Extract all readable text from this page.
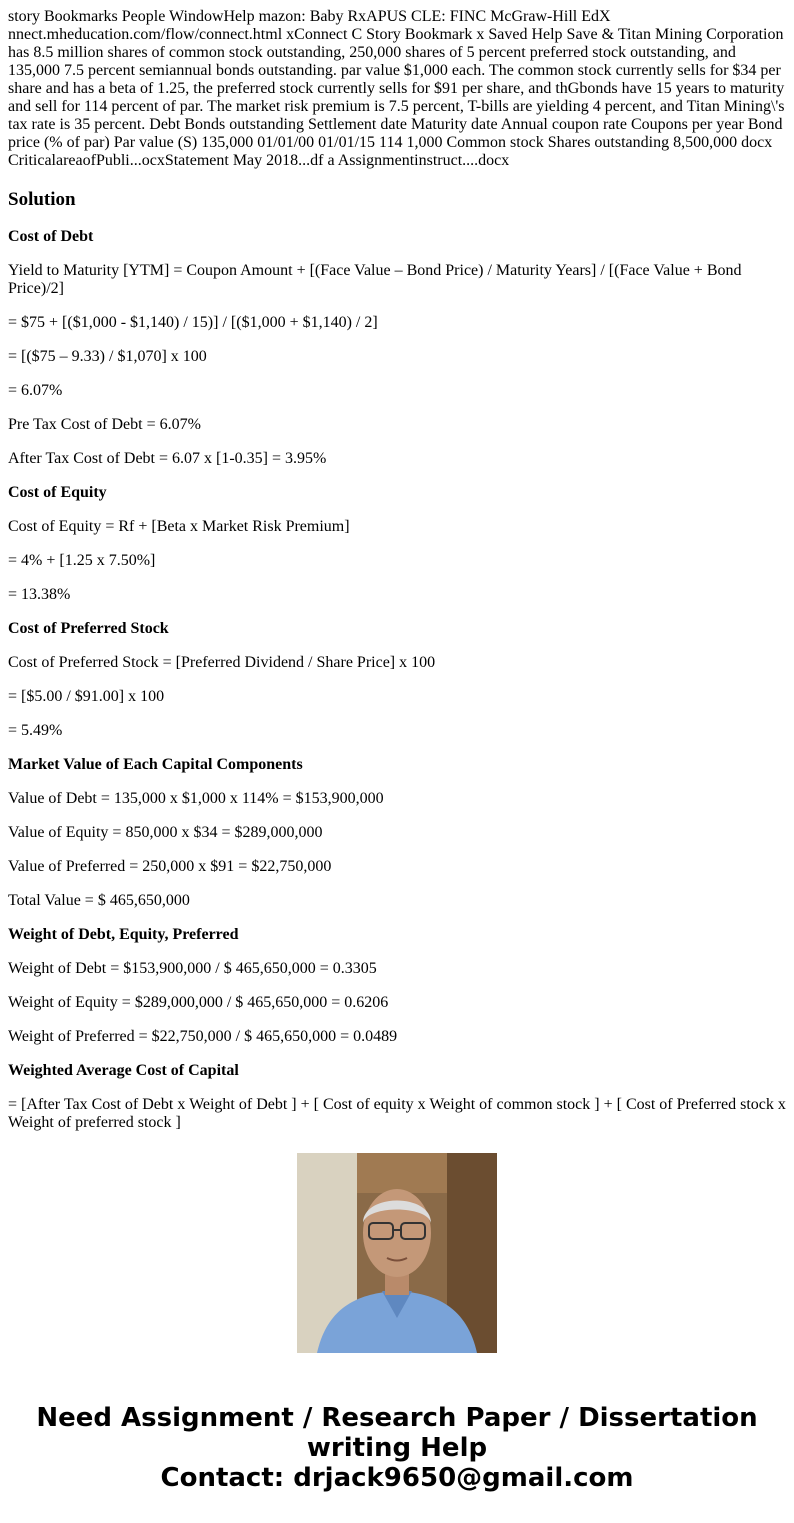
story Bookmarks People WindowHelp mazon: Baby RxAPUS CLE: FINC McGraw-Hill EdX nnect.mheducation.com/flow/connect.html xConnect C Story Bookmark x Saved Help Save & Titan Mining Corporation has 8.5 million shares of common stock outstanding, 250,000 shares of 5 percent preferred stock outstanding, and 135,000 7.5 percent semiannual bonds outstanding. par value $1,000 each. The common stock currently sells for $34 per share and has a beta of 1.25, the preferred stock currently sells for $91 per share, and thGbonds have 15 years to maturity and sell for 114 percent of par. The market risk premium is 7.5 percent, T-bills are yielding 4 percent, and Titan Mining\'s tax rate is 35 percent. Debt Bonds outstanding Settlement date Maturity date Annual coupon rate Coupons per year Bond price (% of par) Par value (S) 135,000 01/01/00 01/01/15 114 1,000 Common stock Shares outstanding 8,500,000 docx CriticalareaofPubli...ocxStatement May 2018...df a Assignmentinstruct....docx

Solution

Cost of Debt

Yield to Maturity [YTM] = Coupon Amount + [(Face Value – Bond Price) / Maturity Years] / [(Face Value + Bond Price)/2]

= $75 + [($1,000 - $1,140) / 15)] / [($1,000 + $1,140) / 2]

= [($75 – 9.33) / $1,070] x 100

= 6.07%

Pre Tax Cost of Debt = 6.07%

After Tax Cost of Debt = 6.07 x [1-0.35] = 3.95%

Cost of Equity

Cost of Equity = Rf + [Beta x Market Risk Premium]

= 4% + [1.25 x 7.50%]

= 13.38%

Cost of Preferred Stock

Cost of Preferred Stock = [Preferred Dividend / Share Price] x 100

= [$5.00 / $91.00] x 100

= 5.49%

Market Value of Each Capital Components

Value of Debt = 135,000 x $1,000 x 114% = $153,900,000

Value of Equity = 850,000 x $34 = $289,000,000

Value of Preferred = 250,000 x $91 = $22,750,000

Total Value = $ 465,650,000

Weight of Debt, Equity, Preferred

Weight of Debt = $153,900,000 / $ 465,650,000 = 0.3305

Weight of Equity = $289,000,000 / $ 465,650,000 = 0.6206

Weight of Preferred = $22,750,000 / $ 465,650,000 = 0.0489

Weighted Average Cost of Capital

= [After Tax Cost of Debt x Weight of Debt ] + [ Cost of equity x Weight of common stock ] + [ Cost of Preferred stock x Weight of preferred stock ]

Need Assignment / Research Paper / Dissertation
writing Help
Contact: drjack9650@gmail.com
